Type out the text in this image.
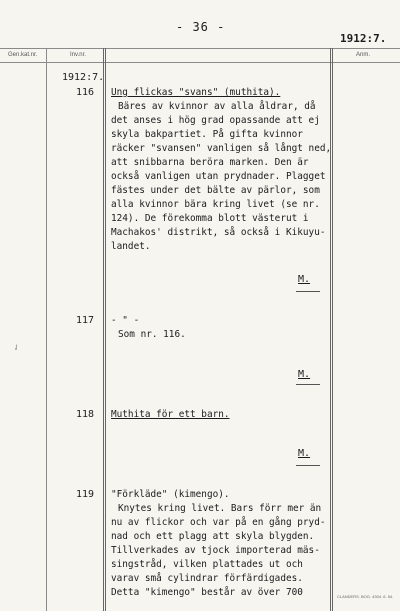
- 36 -
1912:7.
Gen.kat.nr.	Inv.nr.	Anm.
1912:7.
116 Ung flickas "svans" (muthita).
Bäres av kvinnor av alla åldrar, då
det anses i hög grad opassande att ej
skyla bakpartiet. På gifta kvinnor
räcker "svansen" vanligen så långt ned,
att snibbarna beröra marken. Den är
också vanligen utan prydnader. Plagget
fästes under det bälte av pärlor, som
alla kvinnor bära kring livet (se nr.
124). De förekomma blott västerut i
Machakos' distrikt, så också i Kikuyu-
landet.
M.
117 - " -
Som nr. 116.
M.
118 Muthita för ett barn.
M.
119 "Förkläde" (kimengo).
Knytes kring livet. Bars förr mer än
nu av flickor och var på en gång pryd-
nad och ett plagg att skyla blygden.
Tillverkades av tjock importerad mäs-
singstråd, vilken plattades ut och
varav små cylindrar förfärdigades.
Detta "kimengo" består av över 700
✓
CLANDERS. BOG. 4304. 6. 54.
